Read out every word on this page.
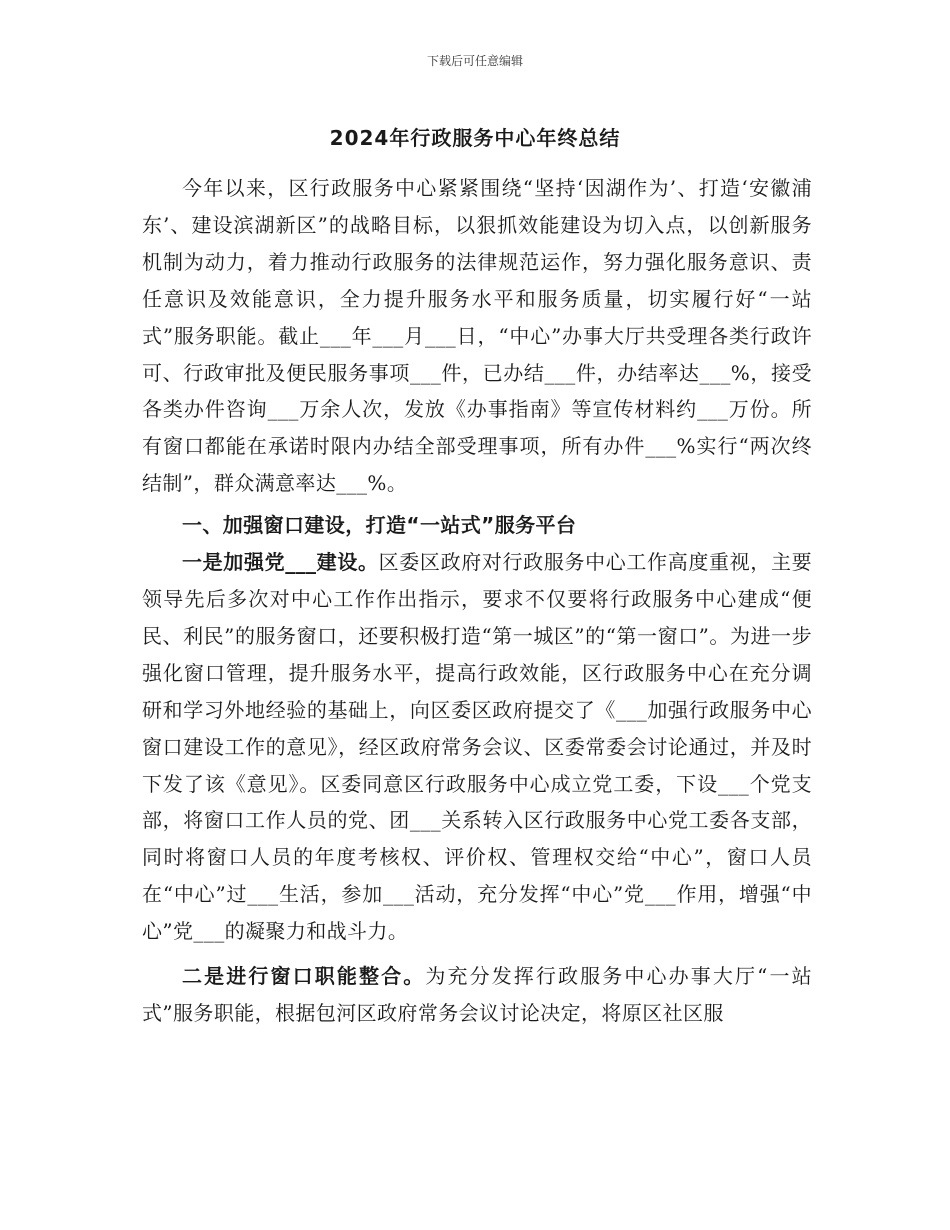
下载后可任意编辑
2024年行政服务中心年终总结

今年以来，区行政服务中心紧紧围绕“坚持‘因湖作为’、打造‘安徽浦东’、建设滨湖新区”的战略目标，以狠抓效能建设为切入点，以创新服务机制为动力，着力推动行政服务的法律规范运作，努力强化服务意识、责任意识及效能意识，全力提升服务水平和服务质量，切实履行好“一站式”服务职能。截止___年___月___日，“中心”办事大厅共受理各类行政许可、行政审批及便民服务事项___件，已办结___件，办结率达___%，接受各类办件咨询___万余人次，发放《办事指南》等宣传材料约___万份。所有窗口都能在承诺时限内办结全部受理事项，所有办件___%实行“两次终结制”，群众满意率达___%。

一、加强窗口建设，打造“一站式”服务平台

一是加强党___建设。区委区政府对行政服务中心工作高度重视，主要领导先后多次对中心工作作出指示，要求不仅要将行政服务中心建成“便民、利民”的服务窗口，还要积极打造“第一城区”的“第一窗口”。为进一步强化窗口管理，提升服务水平，提高行政效能，区行政服务中心在充分调研和学习外地经验的基础上，向区委区政府提交了《___加强行政服务中心窗口建设工作的意见》，经区政府常务会议、区委常委会讨论通过，并及时下发了该《意见》。区委同意区行政服务中心成立党工委，下设___个党支部，将窗口工作人员的党、团___关系转入区行政服务中心党工委各支部，同时将窗口人员的年度考核权、评价权、管理权交给“中心”，窗口人员在“中心”过___生活，参加___活动，充分发挥“中心”党___作用，增强“中心”党___的凝聚力和战斗力。

二是进行窗口职能整合。为充分发挥行政服务中心办事大厅“一站式”服务职能，根据包河区政府常务会议讨论决定，将原区社区服
